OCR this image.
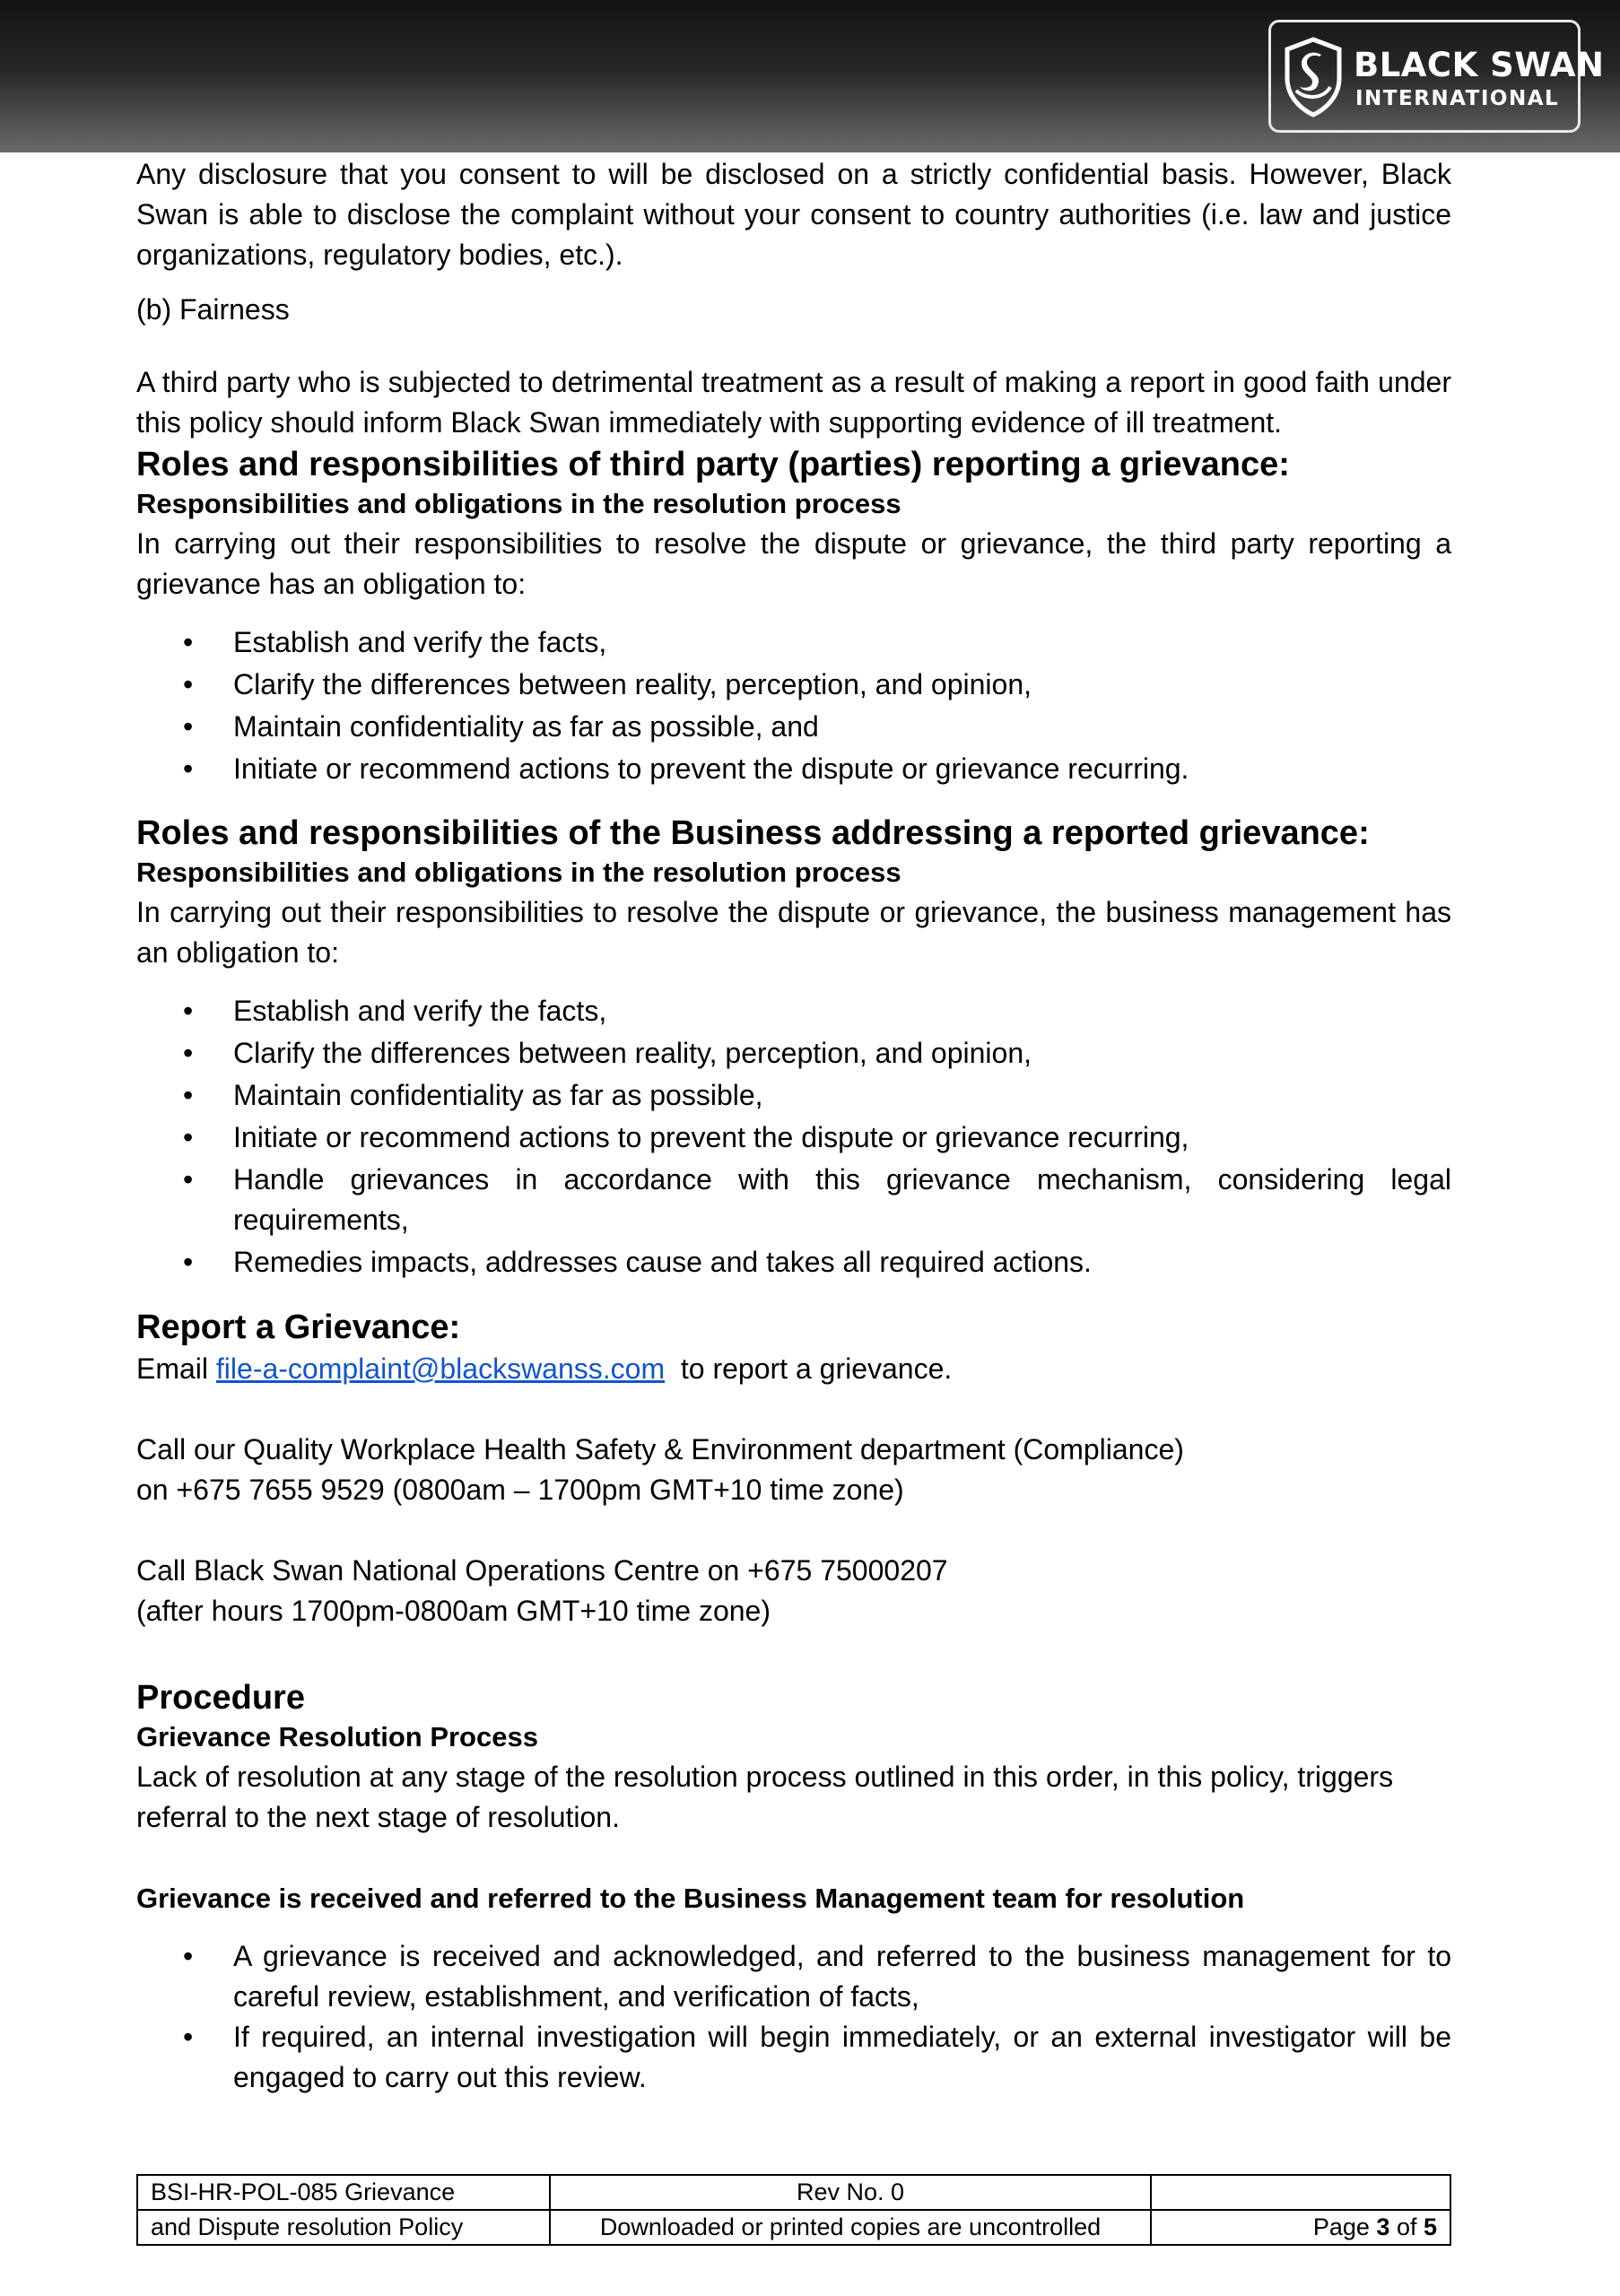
BLACK SWAN
INTERNATIONAL

Any disclosure that you consent to will be disclosed on a strictly confidential basis. However, Black Swan is able to disclose the complaint without your consent to country authorities (i.e. law and justice organizations, regulatory bodies, etc.).

(b) Fairness

A third party who is subjected to detrimental treatment as a result of making a report in good faith under this policy should inform Black Swan immediately with supporting evidence of ill treatment.

Roles and responsibilities of third party (parties) reporting a grievance:

Responsibilities and obligations in the resolution process

In carrying out their responsibilities to resolve the dispute or grievance, the third party reporting a grievance has an obligation to:

• Establish and verify the facts,
• Clarify the differences between reality, perception, and opinion,
• Maintain confidentiality as far as possible, and
• Initiate or recommend actions to prevent the dispute or grievance recurring.

Roles and responsibilities of the Business addressing a reported grievance:

Responsibilities and obligations in the resolution process

In carrying out their responsibilities to resolve the dispute or grievance, the business management has an obligation to:

• Establish and verify the facts,
• Clarify the differences between reality, perception, and opinion,
• Maintain confidentiality as far as possible,
• Initiate or recommend actions to prevent the dispute or grievance recurring,
• Handle grievances in accordance with this grievance mechanism, considering legal requirements,
• Remedies impacts, addresses cause and takes all required actions.

Report a Grievance:

Email file-a-complaint@blackswanss.com  to report a grievance.

Call our Quality Workplace Health Safety & Environment department (Compliance)

on +675 7655 9529 (0800am – 1700pm GMT+10 time zone)

Call Black Swan National Operations Centre on +675 75000207

(after hours 1700pm-0800am GMT+10 time zone)

Procedure

Grievance Resolution Process

Lack of resolution at any stage of the resolution process outlined in this order, in this policy, triggers referral to the next stage of resolution.

Grievance is received and referred to the Business Management team for resolution

• A grievance is received and acknowledged, and referred to the business management for to careful review, establishment, and verification of facts,
• If required, an internal investigation will begin immediately, or an external investigator will be engaged to carry out this review.
BSI-HR-POL-085 Grievance	Rev No. 0	
and Dispute resolution Policy	Downloaded or printed copies are uncontrolled	Page 3 of 5
